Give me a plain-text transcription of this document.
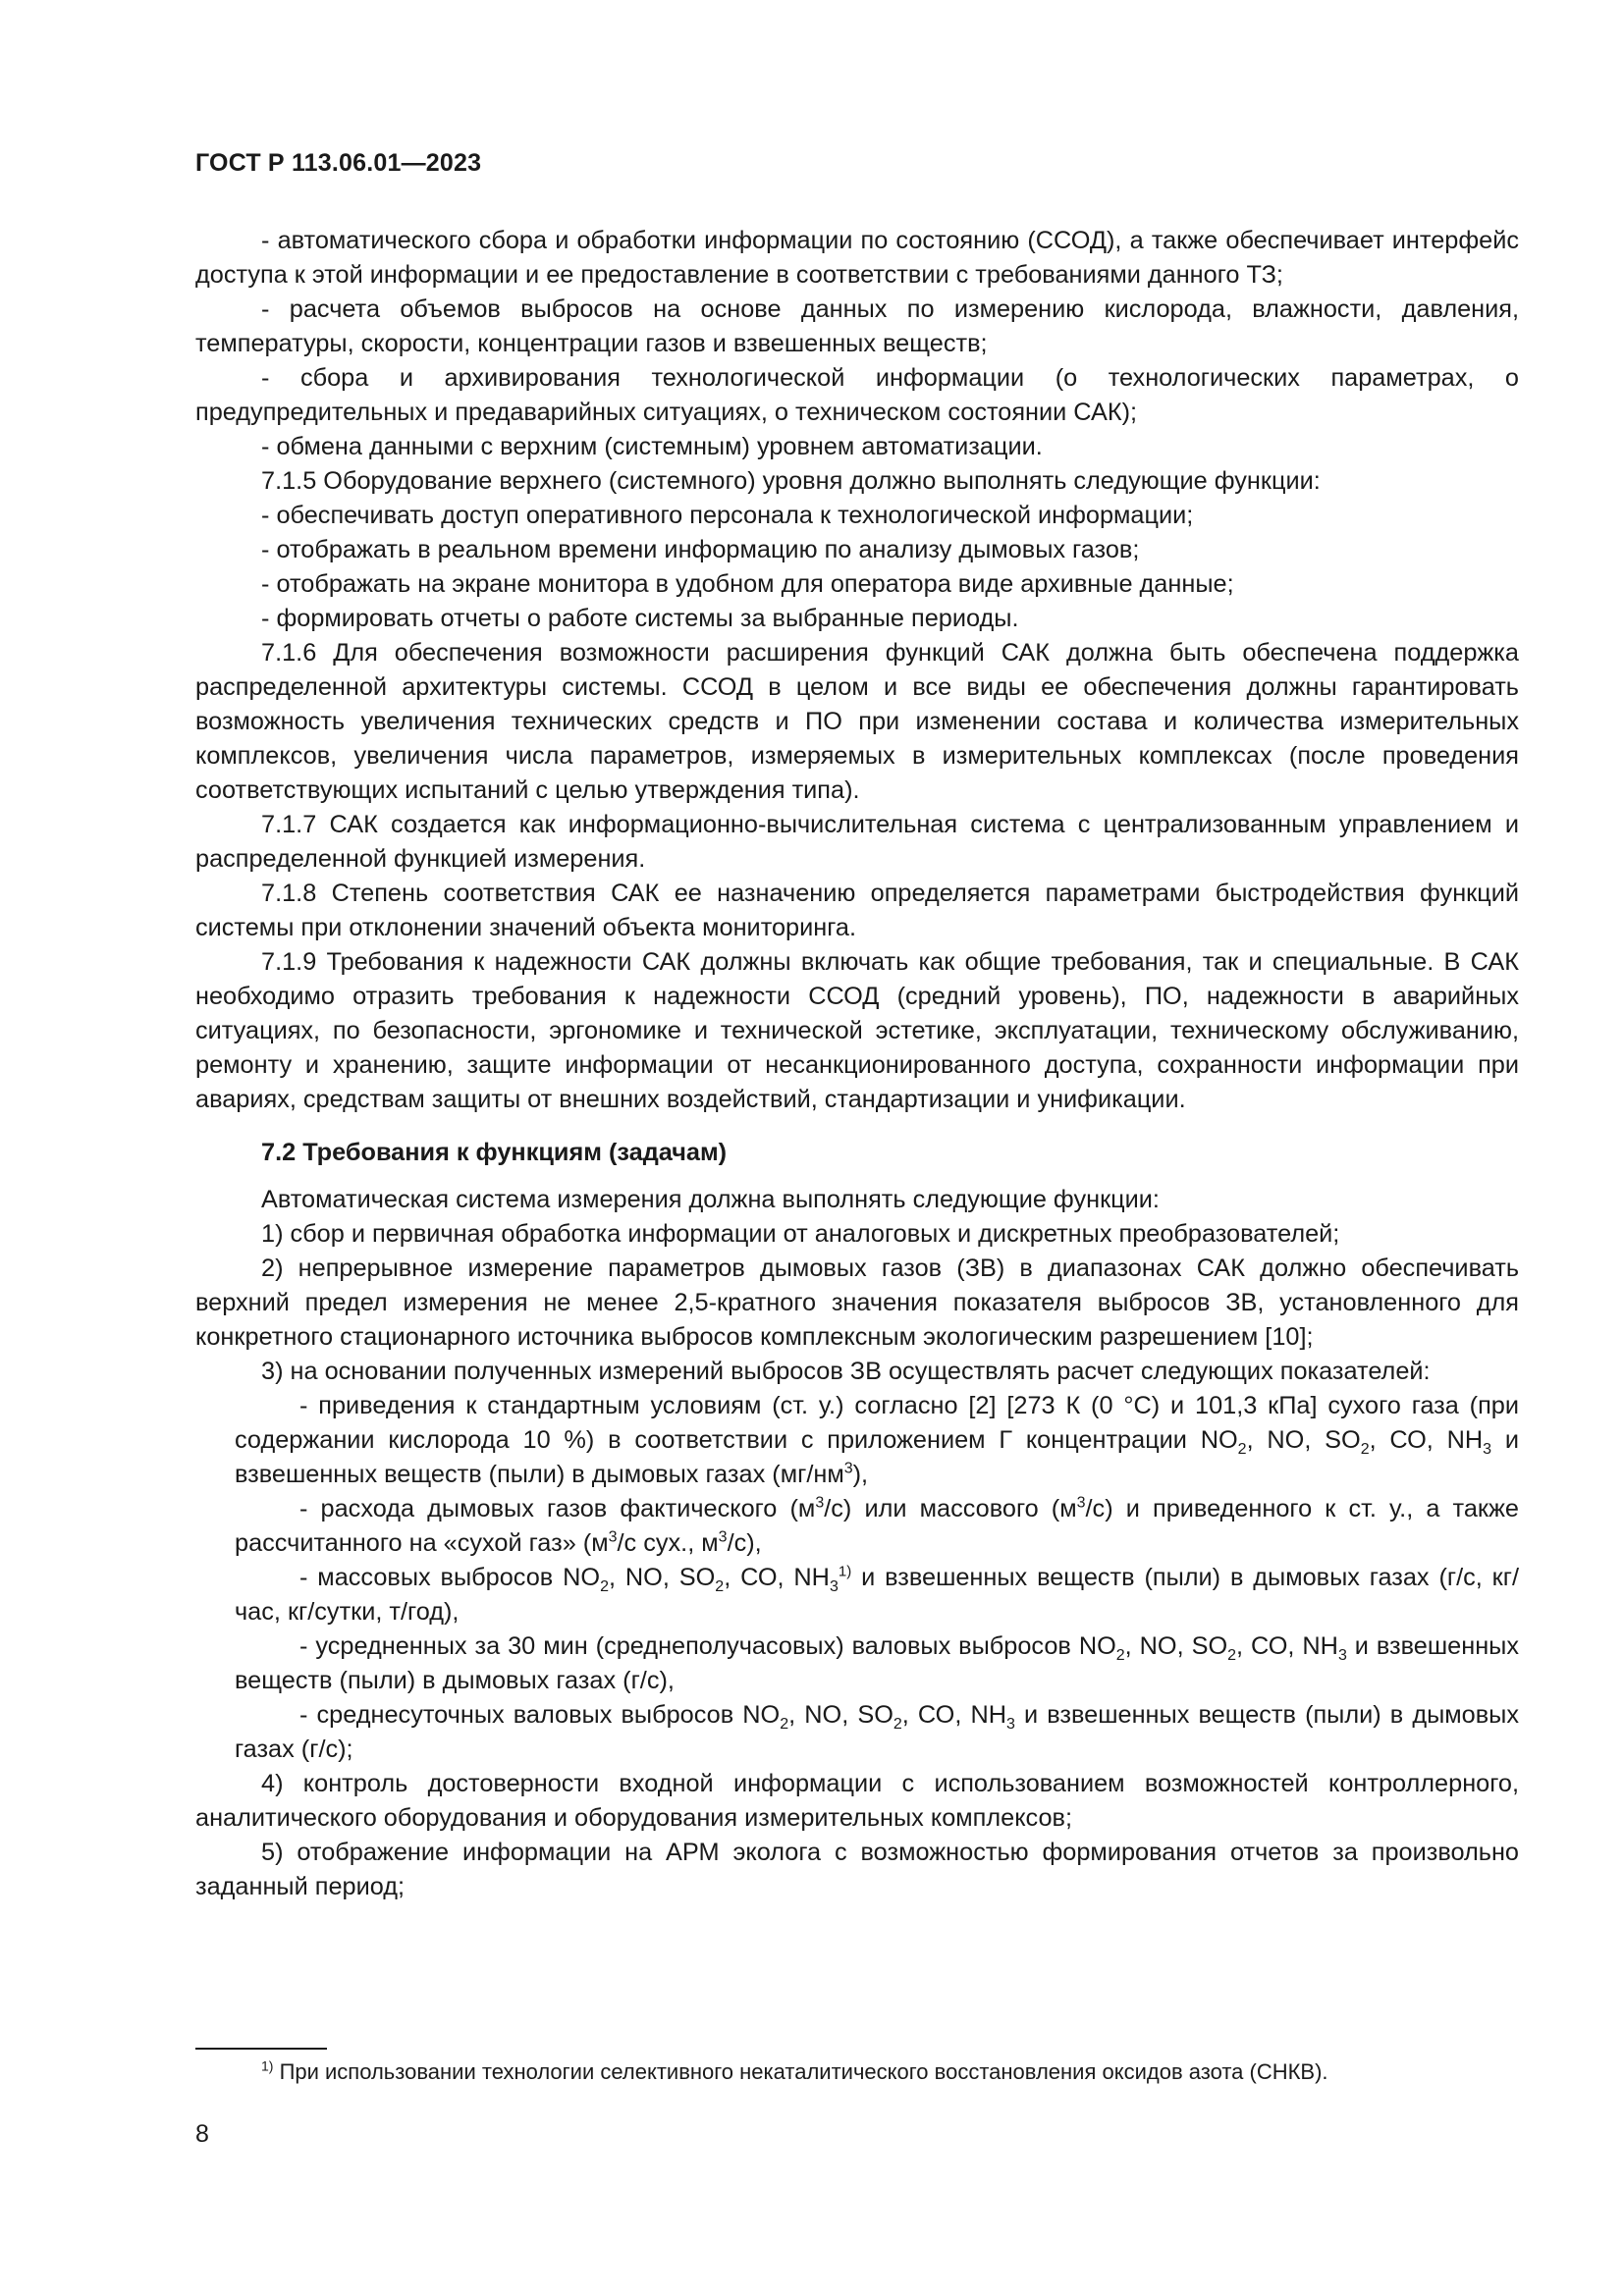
ГОСТ Р 113.06.01—2023

- автоматического сбора и обработки информации по состоянию (ССОД), а также обеспечивает интерфейс доступа к этой информации и ее предоставление в соответствии с требованиями данного ТЗ;

- расчета объемов выбросов на основе данных по измерению кислорода, влажности, давления, температуры, скорости, концентрации газов и взвешенных веществ;

- сбора и архивирования технологической информации (о технологических параметрах, о предупредительных и предаварийных ситуациях, о техническом состоянии САК);

- обмена данными с верхним (системным) уровнем автоматизации.

7.1.5 Оборудование верхнего (системного) уровня должно выполнять следующие функции:

- обеспечивать доступ оперативного персонала к технологической информации;

- отображать в реальном времени информацию по анализу дымовых газов;

- отображать на экране монитора в удобном для оператора виде архивные данные;

- формировать отчеты о работе системы за выбранные периоды.

7.1.6 Для обеспечения возможности расширения функций САК должна быть обеспечена поддержка распределенной архитектуры системы. ССОД в целом и все виды ее обеспечения должны гарантировать возможность увеличения технических средств и ПО при изменении состава и количества измерительных комплексов, увеличения числа параметров, измеряемых в измерительных комплексах (после проведения соответствующих испытаний с целью утверждения типа).

7.1.7 САК создается как информационно-вычислительная система с централизованным управлением и распределенной функцией измерения.

7.1.8 Степень соответствия САК ее назначению определяется параметрами быстродействия функций системы при отклонении значений объекта мониторинга.

7.1.9 Требования к надежности САК должны включать как общие требования, так и специальные. В САК необходимо отразить требования к надежности ССОД (средний уровень), ПО, надежности в аварийных ситуациях, по безопасности, эргономике и технической эстетике, эксплуатации, техническому обслуживанию, ремонту и хранению, защите информации от несанкционированного доступа, сохранности информации при авариях, средствам защиты от внешних воздействий, стандартизации и унификации.

7.2 Требования к функциям (задачам)

Автоматическая система измерения должна выполнять следующие функции:

1) сбор и первичная обработка информации от аналоговых и дискретных преобразователей;

2) непрерывное измерение параметров дымовых газов (ЗВ) в диапазонах САК должно обеспечивать верхний предел измерения не менее 2,5-кратного значения показателя выбросов ЗВ, установленного для конкретного стационарного источника выбросов комплексным экологическим разрешением [10];

3) на основании полученных измерений выбросов ЗВ осуществлять расчет следующих показателей:

- приведения к стандартным условиям (ст. у.) согласно [2] [273 К (0 °С) и 101,3 кПа] сухого газа (при содержании кислорода 10 %) в соответствии с приложением Г концентрации $NO_2$, NO, $SO_2$, СО, $NH_3$ и взвешенных веществ (пыли) в дымовых газах $(мг/нм^3)$,

- расхода дымовых газов фактического $(м^3/с)$ или массового $(м^3/с)$ и приведенного к ст. у., а также рассчитанного на «сухой газ» ($м^3/с$ сух., $м^3/с$),

- массовых выбросов $NO_2$, NO, $SO_2$, СО, $NH_3^{1)}$ и взвешенных веществ (пыли) в дымовых газах (г/с, кг/час, кг/сутки, т/год),

- усредненных за 30 мин (среднеполучасовых) валовых выбросов $NO_2$, NO, $SO_2$, СО, $NH_3$ и взвешенных веществ (пыли) в дымовых газах (г/с),

- среднесуточных валовых выбросов $NO_2$, NO, $SO_2$, СО, $NH_3$ и взвешенных веществ (пыли) в дымовых газах (г/с);

4) контроль достоверности входной информации с использованием возможностей контроллерного, аналитического оборудования и оборудования измерительных комплексов;

5) отображение информации на АРМ эколога с возможностью формирования отчетов за произвольно заданный период;

$^{1)}$ При использовании технологии селективного некаталитического восстановления оксидов азота (СНКВ).
8
